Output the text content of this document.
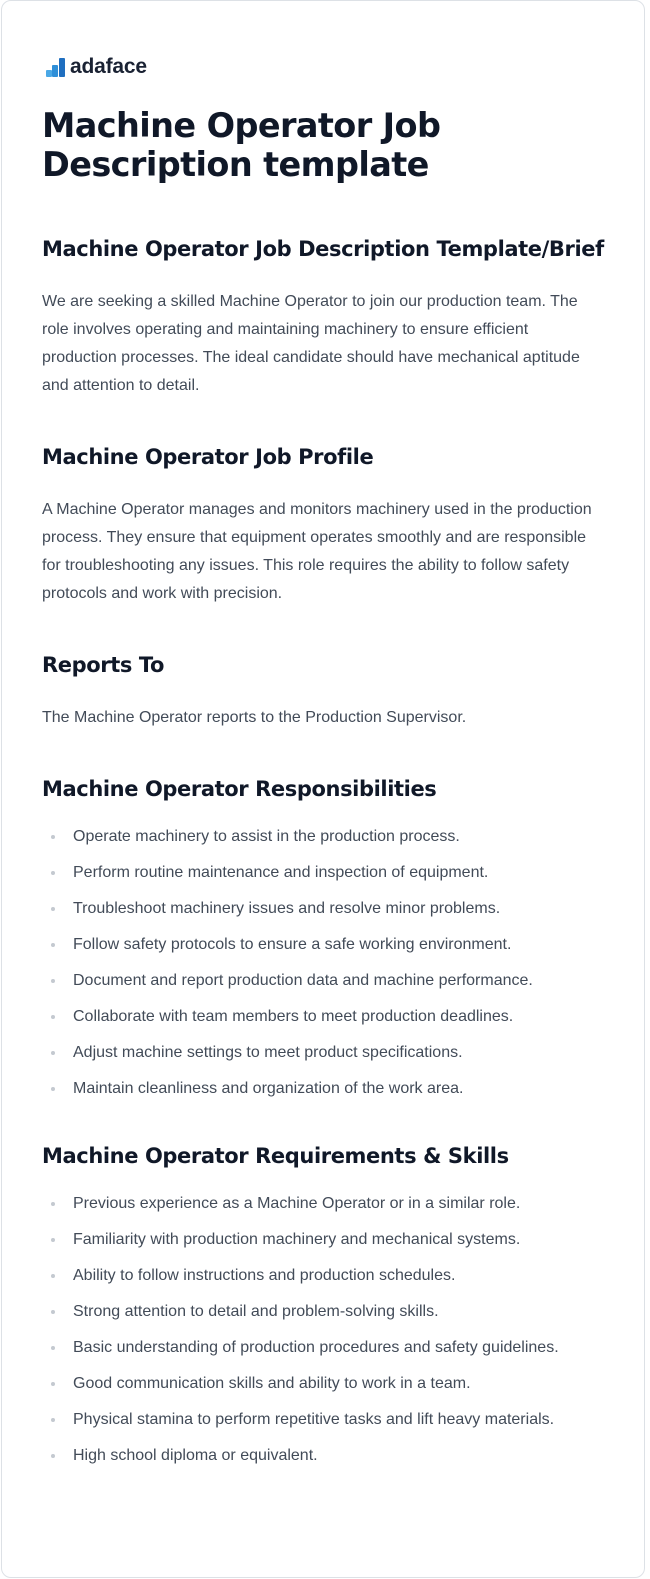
adaface
Machine Operator Job Description template
Machine Operator Job Description Template/Brief

We are seeking a skilled Machine Operator to join our production team. The role involves operating and maintaining machinery to ensure efficient production processes. The ideal candidate should have mechanical aptitude and attention to detail.

Machine Operator Job Profile

A Machine Operator manages and monitors machinery used in the production process. They ensure that equipment operates smoothly and are responsible for troubleshooting any issues. This role requires the ability to follow safety protocols and work with precision.

Reports To

The Machine Operator reports to the Production Supervisor.

Machine Operator Responsibilities
Operate machinery to assist in the production process.
Perform routine maintenance and inspection of equipment.
Troubleshoot machinery issues and resolve minor problems.
Follow safety protocols to ensure a safe working environment.
Document and report production data and machine performance.
Collaborate with team members to meet production deadlines.
Adjust machine settings to meet product specifications.
Maintain cleanliness and organization of the work area.
Machine Operator Requirements & Skills
Previous experience as a Machine Operator or in a similar role.
Familiarity with production machinery and mechanical systems.
Ability to follow instructions and production schedules.
Strong attention to detail and problem-solving skills.
Basic understanding of production procedures and safety guidelines.
Good communication skills and ability to work in a team.
Physical stamina to perform repetitive tasks and lift heavy materials.
High school diploma or equivalent.
